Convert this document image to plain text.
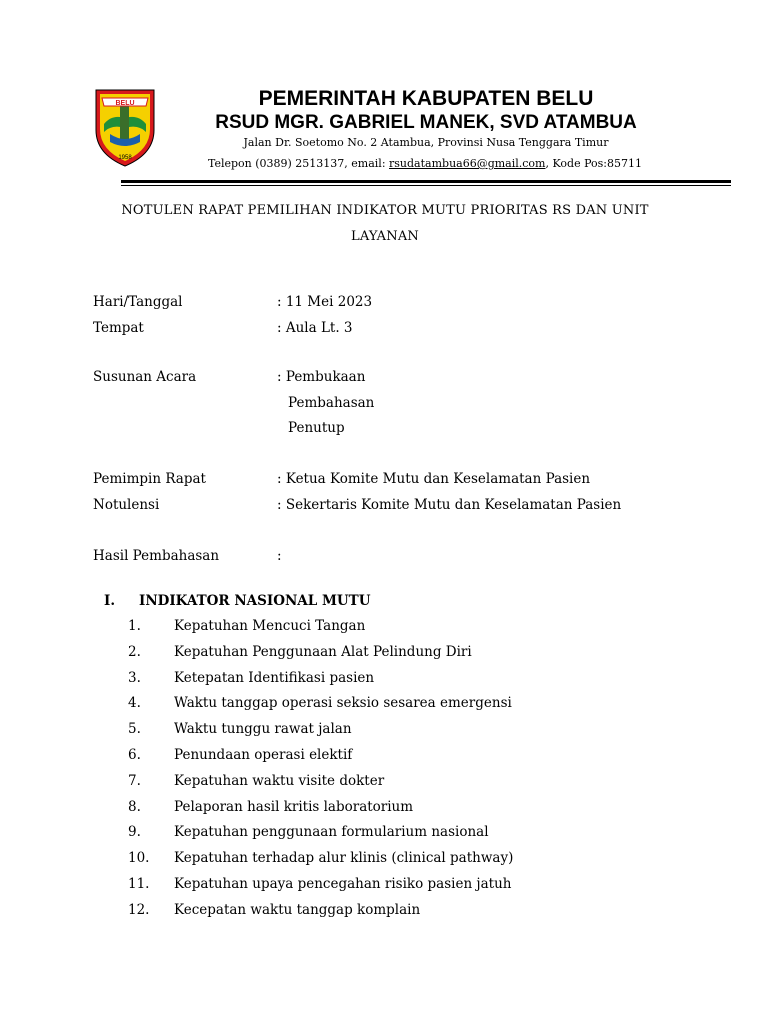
BELU
1958
PEMERINTAH KABUPATEN BELU
RSUD MGR. GABRIEL MANEK, SVD ATAMBUA
Jalan Dr. Soetomo No. 2 Atambua, Provinsi Nusa Tenggara Timur
Telepon (0389) 2513137, email: rsudatambua66@gmail.com, Kode Pos:85711
NOTULEN RAPAT PEMILIHAN INDIKATOR MUTU PRIORITAS RS DAN UNIT
LAYANAN
Hari/Tanggal	: 11 Mei 2023
Tempat	: Aula Lt. 3
Susunan Acara	: Pembukaan
Pembahasan
Penutup
Pemimpin Rapat	: Ketua Komite Mutu dan Keselamatan Pasien
Notulensi	: Sekertaris Komite Mutu dan Keselamatan Pasien
Hasil Pembahasan	:
I. INDIKATOR NASIONAL MUTU
1.	Kepatuhan Mencuci Tangan
2.	Kepatuhan Penggunaan Alat Pelindung Diri
3.	Ketepatan Identifikasi pasien
4.	Waktu tanggap operasi seksio sesarea emergensi
5.	Waktu tunggu rawat jalan
6.	Penundaan operasi elektif
7.	Kepatuhan waktu visite dokter
8.	Pelaporan hasil kritis laboratorium
9.	Kepatuhan penggunaan formularium nasional
10.	Kepatuhan terhadap alur klinis (clinical pathway)
11.	Kepatuhan upaya pencegahan risiko pasien jatuh
12.	Kecepatan waktu tanggap komplain
